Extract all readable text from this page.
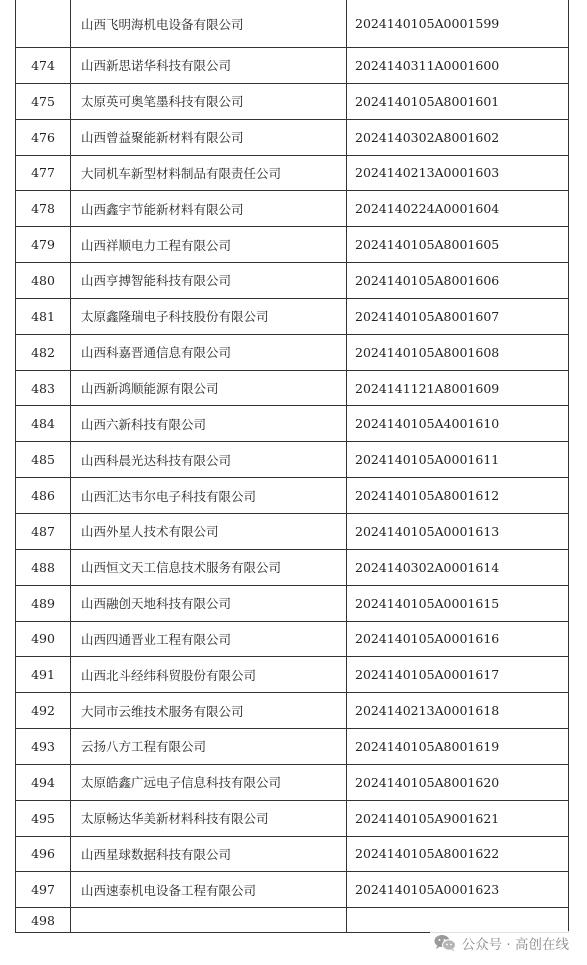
	山西飞明海机电设备有限公司	2024140105A0001599
474	山西新思诺华科技有限公司	2024140311A0001600
475	太原英可奥笔墨科技有限公司	2024140105A8001601
476	山西曾益聚能新材料有限公司	2024140302A8001602
477	大同机车新型材料制品有限责任公司	2024140213A0001603
478	山西鑫宇节能新材料有限公司	2024140224A0001604
479	山西祥顺电力工程有限公司	2024140105A8001605
480	山西亨搏智能科技有限公司	2024140105A8001606
481	太原鑫隆瑞电子科技股份有限公司	2024140105A8001607
482	山西科嘉晋通信息有限公司	2024140105A8001608
483	山西新鸿顺能源有限公司	2024141121A8001609
484	山西六新科技有限公司	2024140105A4001610
485	山西科晨光达科技有限公司	2024140105A0001611
486	山西汇达韦尔电子科技有限公司	2024140105A8001612
487	山西外星人技术有限公司	2024140105A0001613
488	山西恒文天工信息技术服务有限公司	2024140302A0001614
489	山西融创天地科技有限公司	2024140105A0001615
490	山西四通晋业工程有限公司	2024140105A0001616
491	山西北斗经纬科贸股份有限公司	2024140105A0001617
492	大同市云维技术服务有限公司	2024140213A0001618
493	云扬八方工程有限公司	2024140105A8001619
494	太原皓鑫广远电子信息科技有限公司	2024140105A8001620
495	太原畅达华美新材料科技有限公司	2024140105A9001621
496	山西星球数据科技有限公司	2024140105A8001622
497	山西速泰机电设备工程有限公司	2024140105A0001623
498		
公众号 · 高创在线
